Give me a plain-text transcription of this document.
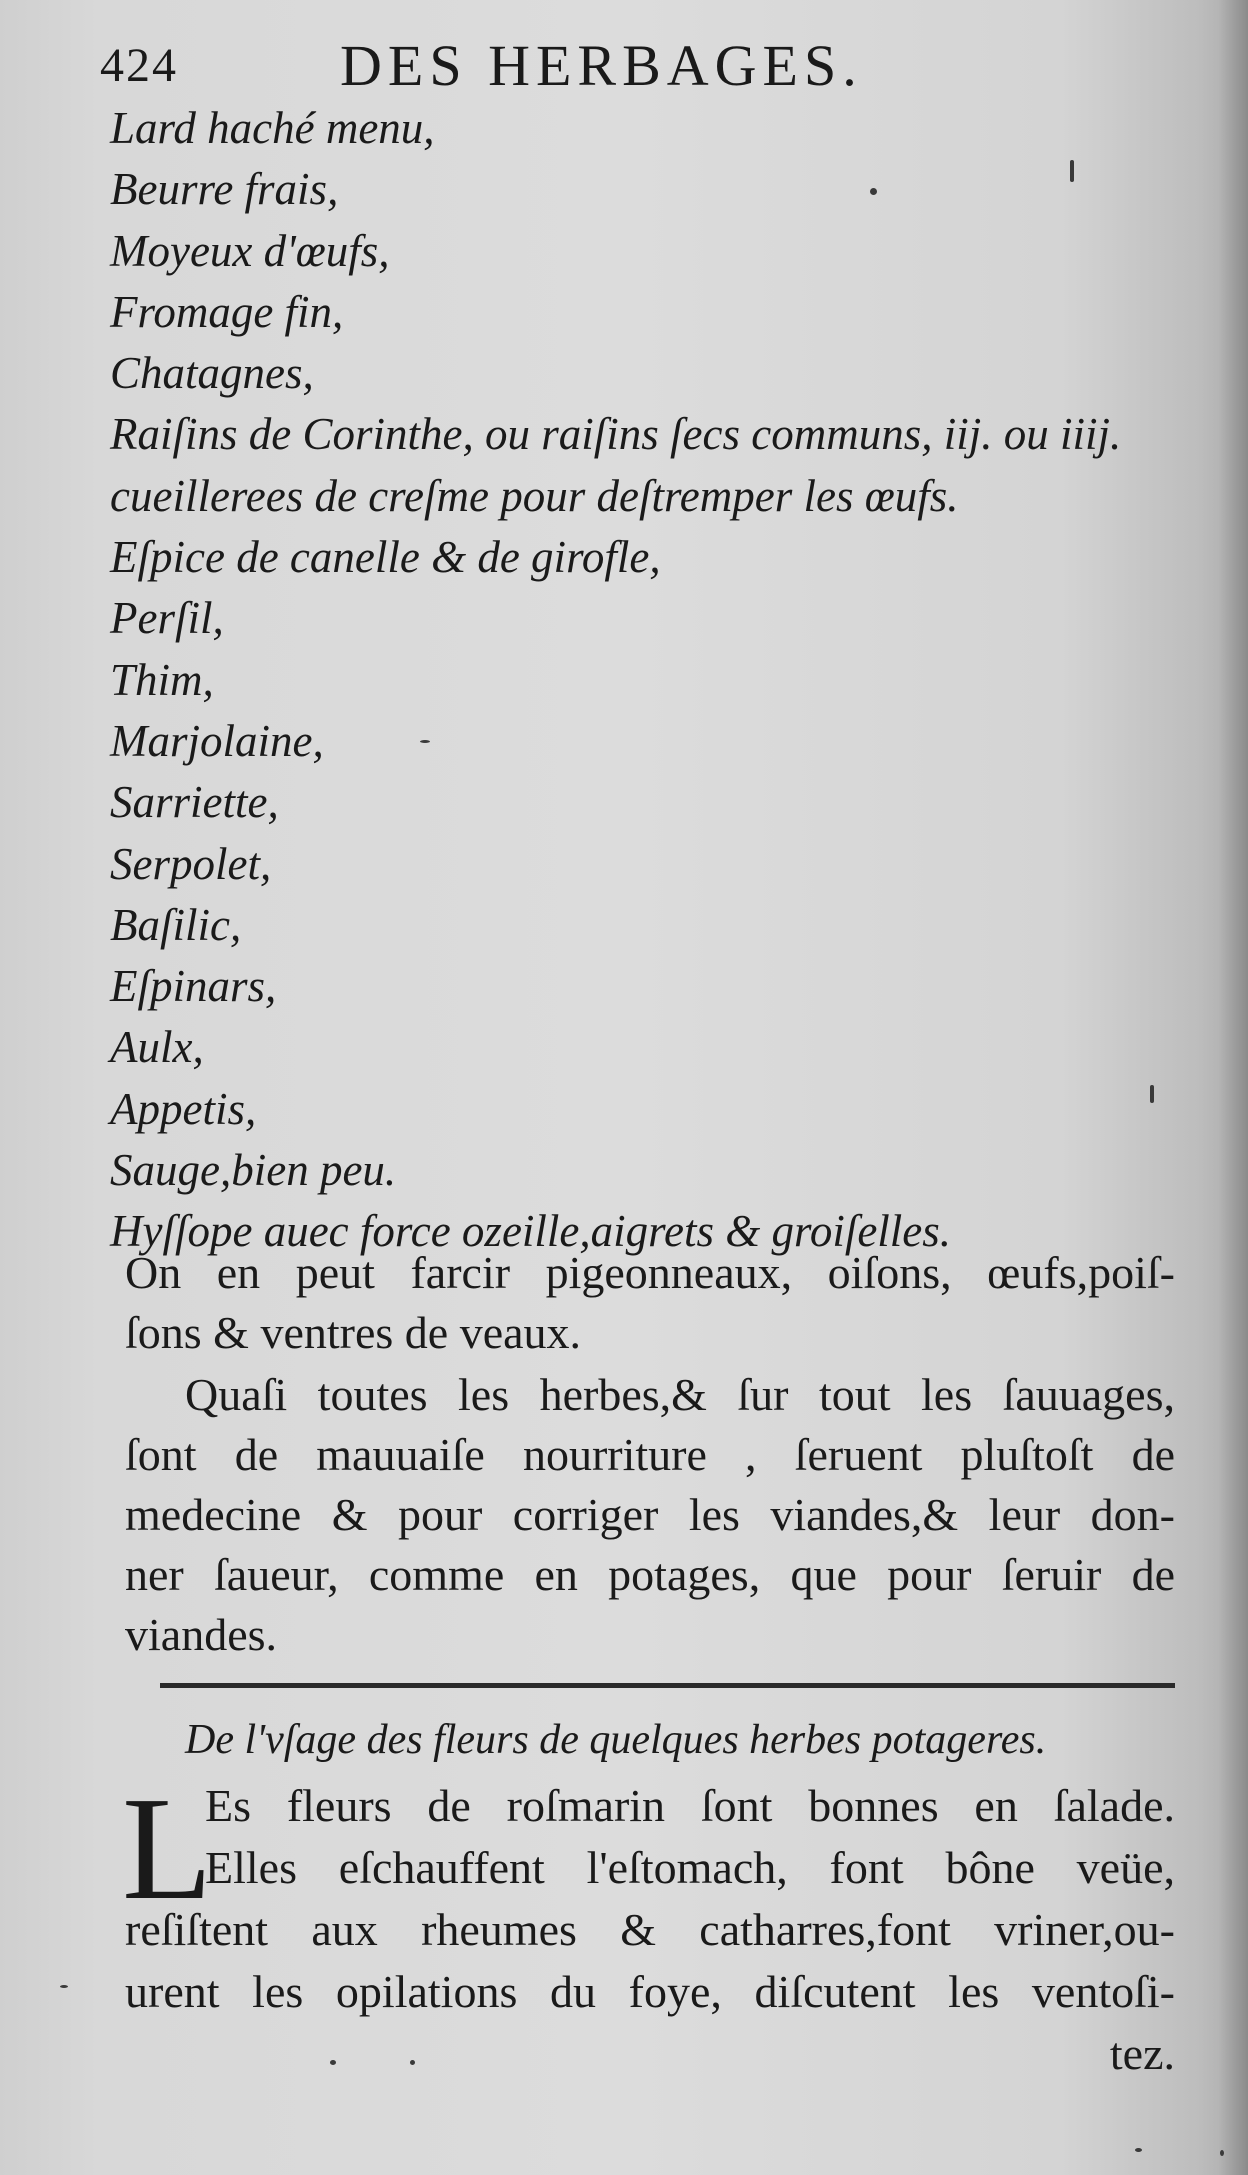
424	DES HERBAGES.
Lard haché menu,
Beurre frais,
Moyeux d'œufs,
Fromage fin,
Chatagnes,
Raiſins de Corinthe, ou raiſins ſecs communs, iij. ou iiij.
cueillerees de creſme pour deſtremper les œufs.
Eſpice de canelle & de girofle,
Perſil,
Thim,
Marjolaine,
Sarriette,
Serpolet,
Baſilic,
Eſpinars,
Aulx,
Appetis,
Sauge,bien peu.
Hyſſope auec force ozeille,aigrets & groiſelles.

On en peut farcir pigeonneaux, oiſons, œufs,poiſ-
ſons & ventres de veaux.

Quaſi toutes les herbes,& ſur tout les ſauuages,
ſont de mauuaiſe nourriture , ſeruent pluſtoſt de
medecine & pour corriger les viandes,& leur don-
ner ſaueur, comme en potages, que pour ſeruir de
viandes.

De l'vſage des fleurs de quelques herbes potageres.
L
Es fleurs de roſmarin ſont bonnes en ſalade.
Elles eſchauffent l'eſtomach, font bône veüe,
reſiſtent aux rheumes & catharres,font vriner,ou-
urent les opilations du foye, diſcutent les ventoſi-
tez.
